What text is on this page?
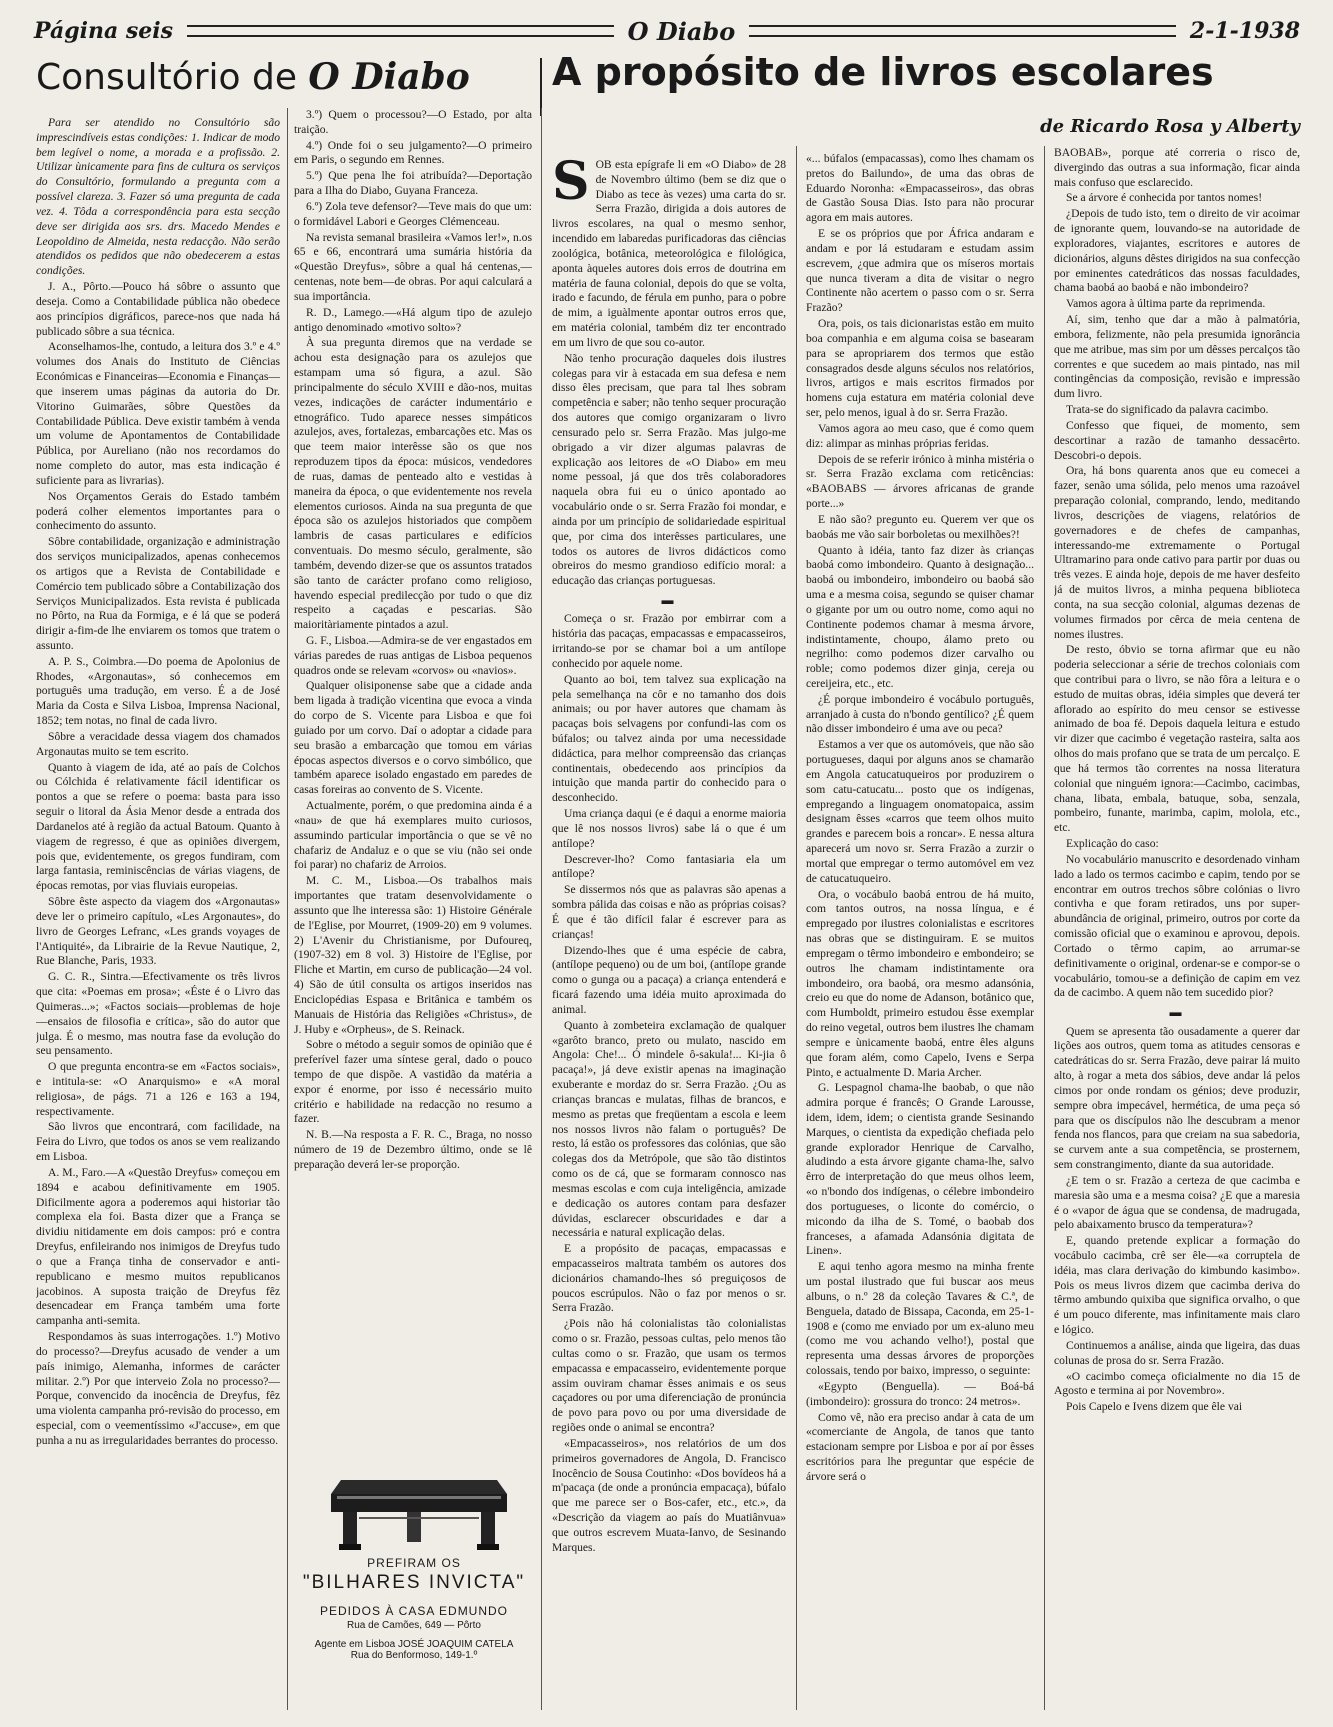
Página seis	O Diabo	2-1-1938
Consultório de O Diabo	A propósito de livros escolares
de Ricardo Rosa y Alberty

Para ser atendido no Consultório são imprescindíveis estas condições: 1. Indicar de modo bem legível o nome, a morada e a profissão. 2. Utilizar ùnicamente para fins de cultura os serviços do Consultório, formulando a pregunta com a possível clareza. 3. Fazer só uma pregunta de cada vez. 4. Tôda a correspondência para esta secção deve ser dirigida aos srs. drs. Macedo Mendes e Leopoldino de Almeida, nesta redacção. Não serão atendidos os pedidos que não obedecerem a estas condições.

J. A., Pôrto.—Pouco há sôbre o assunto que deseja. Como a Contabilidade pública não obedece aos princípios digráficos, parece-nos que nada há publicado sôbre a sua técnica.

Aconselhamos-lhe, contudo, a leitura dos 3.º e 4.º volumes dos Anais do Instituto de Ciências Económicas e Financeiras—Economia e Finanças—que inserem umas páginas da autoria do Dr. Vitorino Guimarães, sôbre Questões da Contabilidade Pública. Deve existir também à venda um volume de Apontamentos de Contabilidade Pública, por Aureliano (não nos recordamos do nome completo do autor, mas esta indicação é suficiente para as livrarias).

Nos Orçamentos Gerais do Estado também poderá colher elementos importantes para o conhecimento do assunto.

Sôbre contabilidade, organização e administração dos serviços municipalizados, apenas conhecemos os artigos que a Revista de Contabilidade e Comércio tem publicado sôbre a Contabilização dos Serviços Municipalizados. Esta revista é publicada no Pôrto, na Rua da Formiga, e é lá que se poderá dirigir a-fim-de lhe enviarem os tomos que tratem o assunto.

A. P. S., Coimbra.—Do poema de Apolonius de Rhodes, «Argonautas», só conhecemos em português uma tradução, em verso. É a de José Maria da Costa e Silva Lisboa, Imprensa Nacional, 1852; tem notas, no final de cada livro.

Sôbre a veracidade dessa viagem dos chamados Argonautas muito se tem escrito.

Quanto à viagem de ida, até ao país de Colchos ou Cólchida é relativamente fácil identificar os pontos a que se refere o poema: basta para isso seguir o litoral da Ásia Menor desde a entrada dos Dardanelos até à região da actual Batoum. Quanto à viagem de regresso, é que as opiniões divergem, pois que, evidentemente, os gregos fundiram, com larga fantasia, reminiscências de várias viagens, de épocas remotas, por vias fluviais europeias.

Sôbre êste aspecto da viagem dos «Argonautas» deve ler o primeiro capítulo, «Les Argonautes», do livro de Georges Lefranc, «Les grands voyages de l'Antiquité», da Librairie de la Revue Nautique, 2, Rue Blanche, Paris, 1933.

G. C. R., Sintra.—Efectivamente os três livros que cita: «Poemas em prosa»; «Éste é o Livro das Quimeras...»; «Factos sociais—problemas de hoje—ensaios de filosofia e crítica», são do autor que julga. É o mesmo, mas noutra fase da evolução do seu pensamento.

O que pregunta encontra-se em «Factos sociais», e intitula-se: «O Anarquismo» e «A moral religiosa», de págs. 71 a 126 e 163 a 194, respectivamente.

São livros que encontrará, com facilidade, na Feira do Livro, que todos os anos se vem realizando em Lisboa.

A. M., Faro.—A «Questão Dreyfus» começou em 1894 e acabou definitivamente em 1905. Dificilmente agora a poderemos aqui historiar tão complexa ela foi. Basta dizer que a França se dividiu nitidamente em dois campos: pró e contra Dreyfus, enfileirando nos inimigos de Dreyfus tudo o que a França tinha de conservador e anti-republicano e mesmo muitos republicanos jacobinos. A suposta traição de Dreyfus fêz desencadear em França também uma forte campanha anti-semita.

Respondamos às suas interrogações. 1.º) Motivo do processo?—Dreyfus acusado de vender a um país inimigo, Alemanha, informes de carácter militar. 2.º) Por que interveio Zola no processo?—Porque, convencido da inocência de Dreyfus, fêz uma violenta campanha pró-revisão do processo, em especial, com o veementíssimo «J'accuse», em que punha a nu as irregularidades berrantes do processo.

3.º) Quem o processou?—O Estado, por alta traição.

4.º) Onde foi o seu julgamento?—O primeiro em Paris, o segundo em Rennes.

5.º) Que pena lhe foi atribuída?—Deportação para a Ilha do Diabo, Guyana Franceza.

6.º) Zola teve defensor?—Teve mais do que um: o formidável Labori e Georges Clémenceau.

Na revista semanal brasileira «Vamos ler!», n.os 65 e 66, encontrará uma sumária história da «Questão Dreyfus», sôbre a qual há centenas,—centenas, note bem—de obras. Por aqui calculará a sua importância.

R. D., Lamego.—«Há algum tipo de azulejo antigo denominado «motivo solto»?

À sua pregunta diremos que na verdade se achou esta designação para os azulejos que estampam uma só figura, a azul. São principalmente do século XVIII e dão-nos, muitas vezes, indicações de carácter indumentário e etnográfico. Tudo aparece nesses simpáticos azulejos, aves, fortalezas, embarcações etc. Mas os que teem maior interêsse são os que nos reproduzem tipos da época: músicos, vendedores de ruas, damas de penteado alto e vestidas à maneira da época, o que evidentemente nos revela elementos curiosos. Ainda na sua pregunta de que época são os azulejos historiados que compõem lambris de casas particulares e edifícios conventuais. Do mesmo século, geralmente, são também, devendo dizer-se que os assuntos tratados são tanto de carácter profano como religioso, havendo especial predilecção por tudo o que diz respeito a caçadas e pescarias. São maioritàriamente pintados a azul.

G. F., Lisboa.—Admira-se de ver engastados em várias paredes de ruas antigas de Lisboa pequenos quadros onde se relevam «corvos» ou «navios».

Qualquer olisiponense sabe que a cidade anda bem ligada à tradição vicentina que evoca a vinda do corpo de S. Vicente para Lisboa e que foi guiado por um corvo. Daí o adoptar a cidade para seu brasão a embarcação que tomou em várias épocas aspectos diversos e o corvo simbólico, que também aparece isolado engastado em paredes de casas foreiras ao convento de S. Vicente.

Actualmente, porém, o que predomina ainda é a «nau» de que há exemplares muito curiosos, assumindo particular importância o que se vê no chafariz de Andaluz e o que se viu (não sei onde foi parar) no chafariz de Arroios.

M. C. M., Lisboa.—Os trabalhos mais importantes que tratam desenvolvidamente o assunto que lhe interessa são: 1) Histoire Générale de l'Eglise, por Mourret, (1909-20) em 9 volumes. 2) L'Avenir du Christianisme, por Dufoureq, (1907-32) em 8 vol. 3) Histoire de l'Eglise, por Fliche et Martin, em curso de publicação—24 vol. 4) São de útil consulta os artigos inseridos nas Enciclopédias Espasa e Britânica e também os Manuais de História das Religiões «Christus», de J. Huby e «Orpheus», de S. Reinack.

Sobre o método a seguir somos de opinião que é preferível fazer uma síntese geral, dado o pouco tempo de que dispõe. A vastidão da matéria a expor é enorme, por isso é necessário muito critério e habilidade na redacção no resumo a fazer.

N. B.—Na resposta a F. R. C., Braga, no nosso número de 19 de Dezembro último, onde se lê preparação deverá ler-se proporção.

PREFIRAM OS
"BILHARES INVICTA"
PEDIDOS À CASA EDMUNDO
Rua de Camões, 649 — Pôrto
Agente em Lisboa JOSÉ JOAQUIM CATELA
Rua do Benformoso, 149-1.º

SOB esta epígrafe li em «O Diabo» de 28 de Novembro último (bem se diz que o Diabo as tece às vezes) uma carta do sr. Serra Frazão, dirigida a dois autores de livros escolares, na qual o mesmo senhor, incendido em labaredas purificadoras das ciências zoológica, botânica, meteorológica e filológica, aponta àqueles autores dois erros de doutrina em matéria de fauna colonial, depois do que se volta, irado e facundo, de férula em punho, para o pobre de mim, a iguàlmente apontar outros erros que, em matéria colonial, também diz ter encontrado em um livro de que sou co-autor.

Não tenho procuração daqueles dois ilustres colegas para vir à estacada em sua defesa e nem disso êles precisam, que para tal lhes sobram competência e saber; não tenho sequer procuração dos autores que comigo organizaram o livro censurado pelo sr. Serra Frazão. Mas julgo-me obrigado a vir dizer algumas palavras de explicação aos leitores de «O Diabo» em meu nome pessoal, já que dos três colaboradores naquela obra fui eu o único apontado ao vocabulário onde o sr. Serra Frazão foi mondar, e ainda por um princípio de solidariedade espiritual que, por cima dos interêsses particulares, une todos os autores de livros didácticos como obreiros do mesmo grandioso edifício moral: a educação das crianças portuguesas.

▬

Começa o sr. Frazão por embirrar com a história das pacaças, empacassas e empacasseiros, irritando-se por se chamar boi a um antílope conhecido por aquele nome.

Quanto ao boi, tem talvez sua explicação na pela semelhança na côr e no tamanho dos dois animais; ou por haver autores que chamam às pacaças bois selvagens por confundi-las com os búfalos; ou talvez ainda por uma necessidade didáctica, para melhor compreensão das crianças continentais, obedecendo aos princípios da intuição que manda partir do conhecido para o desconhecido.

Uma criança daqui (e é daqui a enorme maioria que lê nos nossos livros) sabe lá o que é um antílope?

Descrever-lho? Como fantasiaria ela um antílope?

Se dissermos nós que as palavras são apenas a sombra pálida das coisas e não as próprias coisas? É que é tão difícil falar é escrever para as crianças!

Dizendo-lhes que é uma espécie de cabra, (antílope pequeno) ou de um boi, (antílope grande como o gunga ou a pacaça) a criança entenderá e ficará fazendo uma idéia muito aproximada do animal.

Quanto à zombeteira exclamação de qualquer «garôto branco, preto ou mulato, nascido em Angola: Che!... Ó mindele ô-sakula!... Ki-jia ô pacaça!», já deve existir apenas na imaginação exuberante e mordaz do sr. Serra Frazão. ¿Ou as crianças brancas e mulatas, filhas de brancos, e mesmo as pretas que freqüentam a escola e leem nos nossos livros não falam o português? De resto, lá estão os professores das colónias, que são colegas dos da Metrópole, que são tão distintos como os de cá, que se formaram connosco nas mesmas escolas e com cuja inteligência, amizade e dedicação os autores contam para desfazer dúvidas, esclarecer obscuridades e dar a necessária e natural explicação delas.

E a propósito de pacaças, empacassas e empacasseiros maltrata também os autores dos dicionários chamando-lhes só preguiçosos de poucos escrúpulos. Não o faz por menos o sr. Serra Frazão.

¿Pois não há colonialistas tão colonialistas como o sr. Frazão, pessoas cultas, pelo menos tão cultas como o sr. Frazão, que usam os termos empacassa e empacasseiro, evidentemente porque assim ouviram chamar êsses animais e os seus caçadores ou por uma diferenciação de pronúncia de povo para povo ou por uma diversidade de regiões onde o animal se encontra?

«Empacasseiros», nos relatórios de um dos primeiros governadores de Angola, D. Francisco Inocêncio de Sousa Coutinho: «Dos bovídeos há a m'pacaça (de onde a pronúncia empacaça), búfalo que me parece ser o Bos-cafer, etc., etc.», da «Descrição da viagem ao país do Muatiânvua» que outros escrevem Muata-Ianvo, de Sesinando Marques.

«... búfalos (empacassas), como lhes chamam os pretos do Bailundo», de uma das obras de Eduardo Noronha: «Empacasseiros», das obras de Gastão Sousa Dias. Isto para não procurar agora em mais autores.

E se os próprios que por África andaram e andam e por lá estudaram e estudam assim escrevem, ¿que admira que os míseros mortais que nunca tiveram a dita de visitar o negro Continente não acertem o passo com o sr. Serra Frazão?

Ora, pois, os tais dicionaristas estão em muito boa companhia e em alguma coisa se basearam para se apropriarem dos termos que estão consagrados desde alguns séculos nos relatórios, livros, artigos e mais escritos firmados por homens cuja estatura em matéria colonial deve ser, pelo menos, igual à do sr. Serra Frazão.

Vamos agora ao meu caso, que é como quem diz: alimpar as minhas próprias feridas.

Depois de se referir irónico à minha mistéria o sr. Serra Frazão exclama com reticências: «BAOBABS — árvores africanas de grande porte...»

E não são? pregunto eu. Querem ver que os baobás me vão sair borboletas ou mexilhões?!

Quanto à idéia, tanto faz dizer às crianças baobá como imbondeiro. Quanto à designação... baobá ou imbondeiro, imbondeiro ou baobá são uma e a mesma coisa, segundo se quiser chamar o gigante por um ou outro nome, como aqui no Continente podemos chamar à mesma árvore, indistintamente, choupo, álamo preto ou negrilho: como podemos dizer carvalho ou roble; como podemos dizer ginja, cereja ou cereijeira, etc., etc.

¿É porque imbondeiro é vocábulo português, arranjado à custa do n'bondo gentílico? ¿É quem não disser imbondeiro é uma ave ou peca?

Estamos a ver que os automóveis, que não são portugueses, daqui por alguns anos se chamarão em Angola catucatuqueiros por produzirem o som catu-catucatu... posto que os indígenas, empregando a linguagem onomatopaica, assim designam êsses «carros que teem olhos muito grandes e parecem bois a roncar». E nessa altura aparecerá um novo sr. Serra Frazão a zurzir o mortal que empregar o termo automóvel em vez de catucatuqueiro.

Ora, o vocábulo baobá entrou de há muito, com tantos outros, na nossa língua, e é empregado por ilustres colonialistas e escritores nas obras que se distinguiram. E se muitos empregam o têrmo imbondeiro e embondeiro; se outros lhe chamam indistintamente ora imbondeiro, ora baobá, ora mesmo adansónia, creio eu que do nome de Adanson, botânico que, com Humboldt, primeiro estudou êsse exemplar do reino vegetal, outros bem ilustres lhe chamam sempre e ùnicamente baobá, entre êles alguns que foram além, como Capelo, Ivens e Serpa Pinto, e actualmente D. Maria Archer.

G. Lespagnol chama-lhe baobab, o que não admira porque é francês; O Grande Larousse, idem, idem, idem; o cientista grande Sesinando Marques, o cientista da expedição chefiada pelo grande explorador Henrique de Carvalho, aludindo a esta árvore gigante chama-lhe, salvo êrro de interpretação do que meus olhos leem, «o n'bondo dos indígenas, o célebre imbondeiro dos portugueses, o liconte do comércio, o micondo da ilha de S. Tomé, o baobab dos franceses, a afamada Adansónia digitata de Linen».

E aqui tenho agora mesmo na minha frente um postal ilustrado que fui buscar aos meus albuns, o n.º 28 da coleção Tavares & C.ª, de Benguela, datado de Bissapa, Caconda, em 25-1-1908 e (como me enviado por um ex-aluno meu (como me vou achando velho!), postal que representa uma dessas árvores de proporções colossais, tendo por baixo, impresso, o seguinte:

«Egypto (Benguella). — Boá-bá (imbondeiro): grossura do tronco: 24 metros».

Como vê, não era preciso andar à cata de um «comerciante de Angola, de tanos que tanto estacionam sempre por Lisboa e por aí por êsses escritórios para lhe preguntar que espécie de árvore será o

BAOBAB», porque até correria o risco de, divergindo das outras a sua informação, ficar ainda mais confuso que esclarecido.

Se a árvore é conhecida por tantos nomes!

¿Depois de tudo isto, tem o direito de vir acoimar de ignorante quem, louvando-se na autoridade de exploradores, viajantes, escritores e autores de dicionários, alguns dêstes dirigidos na sua confecção por eminentes catedráticos das nossas faculdades, chama baobá ao baobá e não imbondeiro?

Vamos agora à última parte da reprimenda.

Aí, sim, tenho que dar a mão à palmatória, embora, felizmente, não pela presumida ignorância que me atribue, mas sim por um dêsses percalços tão correntes e que sucedem ao mais pintado, nas mil contingências da composição, revisão e impressão dum livro.

Trata-se do significado da palavra cacimbo.

Confesso que fiquei, de momento, sem descortinar a razão de tamanho dessacêrto. Descobri-o depois.

Ora, há bons quarenta anos que eu comecei a fazer, senão uma sólida, pelo menos uma razoável preparação colonial, comprando, lendo, meditando livros, descrições de viagens, relatórios de governadores e de chefes de campanhas, interessando-me extremamente o Portugal Ultramarino para onde cativo para partir por duas ou três vezes. E ainda hoje, depois de me haver desfeito já de muitos livros, a minha pequena biblioteca conta, na sua secção colonial, algumas dezenas de volumes firmados por cêrca de meia centena de nomes ilustres.

De resto, óbvio se torna afirmar que eu não poderia seleccionar a série de trechos coloniais com que contribui para o livro, se não fôra a leitura e o estudo de muitas obras, idéia simples que deverá ter aflorado ao espírito do meu censor se estivesse animado de boa fé. Depois daquela leitura e estudo vir dizer que cacimbo é vegetação rasteira, salta aos olhos do mais profano que se trata de um percalço. E que há termos tão correntes na nossa literatura colonial que ninguém ignora:—Cacimbo, cacimbas, chana, libata, embala, batuque, soba, senzala, pombeiro, funante, marimba, capim, molola, etc., etc.

Explicação do caso:

No vocabulário manuscrito e desordenado vinham lado a lado os termos cacimbo e capim, tendo por se encontrar em outros trechos sôbre colónias o livro contivha e que foram retirados, uns por super-abundância de original, primeiro, outros por corte da comissão oficial que o examinou e aprovou, depois. Cortado o têrmo capim, ao arrumar-se definitivamente o original, ordenar-se e compor-se o vocabulário, tomou-se a definição de capim em vez da de cacimbo. A quem não tem sucedido pior?

▬

Quem se apresenta tão ousadamente a querer dar lições aos outros, quem toma as atitudes censoras e catedráticas do sr. Serra Frazão, deve pairar lá muito alto, à rogar a meta dos sábios, deve andar lá pelos cimos por onde rondam os génios; deve produzir, sempre obra impecável, hermética, de uma peça só para que os discípulos não lhe descubram a menor fenda nos flancos, para que creiam na sua sabedoria, se curvem ante a sua competência, se prosternem, sem constrangimento, diante da sua autoridade.

¿E tem o sr. Frazão a certeza de que cacimba e maresia são uma e a mesma coisa? ¿E que a maresia é o «vapor de água que se condensa, de madrugada, pelo abaixamento brusco da temperatura»?

E, quando pretende explicar a formação do vocábulo cacimba, crê ser êle—«a corruptela de idéia, mas clara derivação do kimbundo kasimbo». Pois os meus livros dizem que cacimba deriva do têrmo ambundo quixiba que significa orvalho, o que é um pouco diferente, mas infinitamente mais claro e lógico.

Continuemos a análise, ainda que ligeira, das duas colunas de prosa do sr. Serra Frazão.

«O cacimbo começa oficialmente no dia 15 de Agosto e termina ai por Novembro».

Pois Capelo e Ivens dizem que êle vai
